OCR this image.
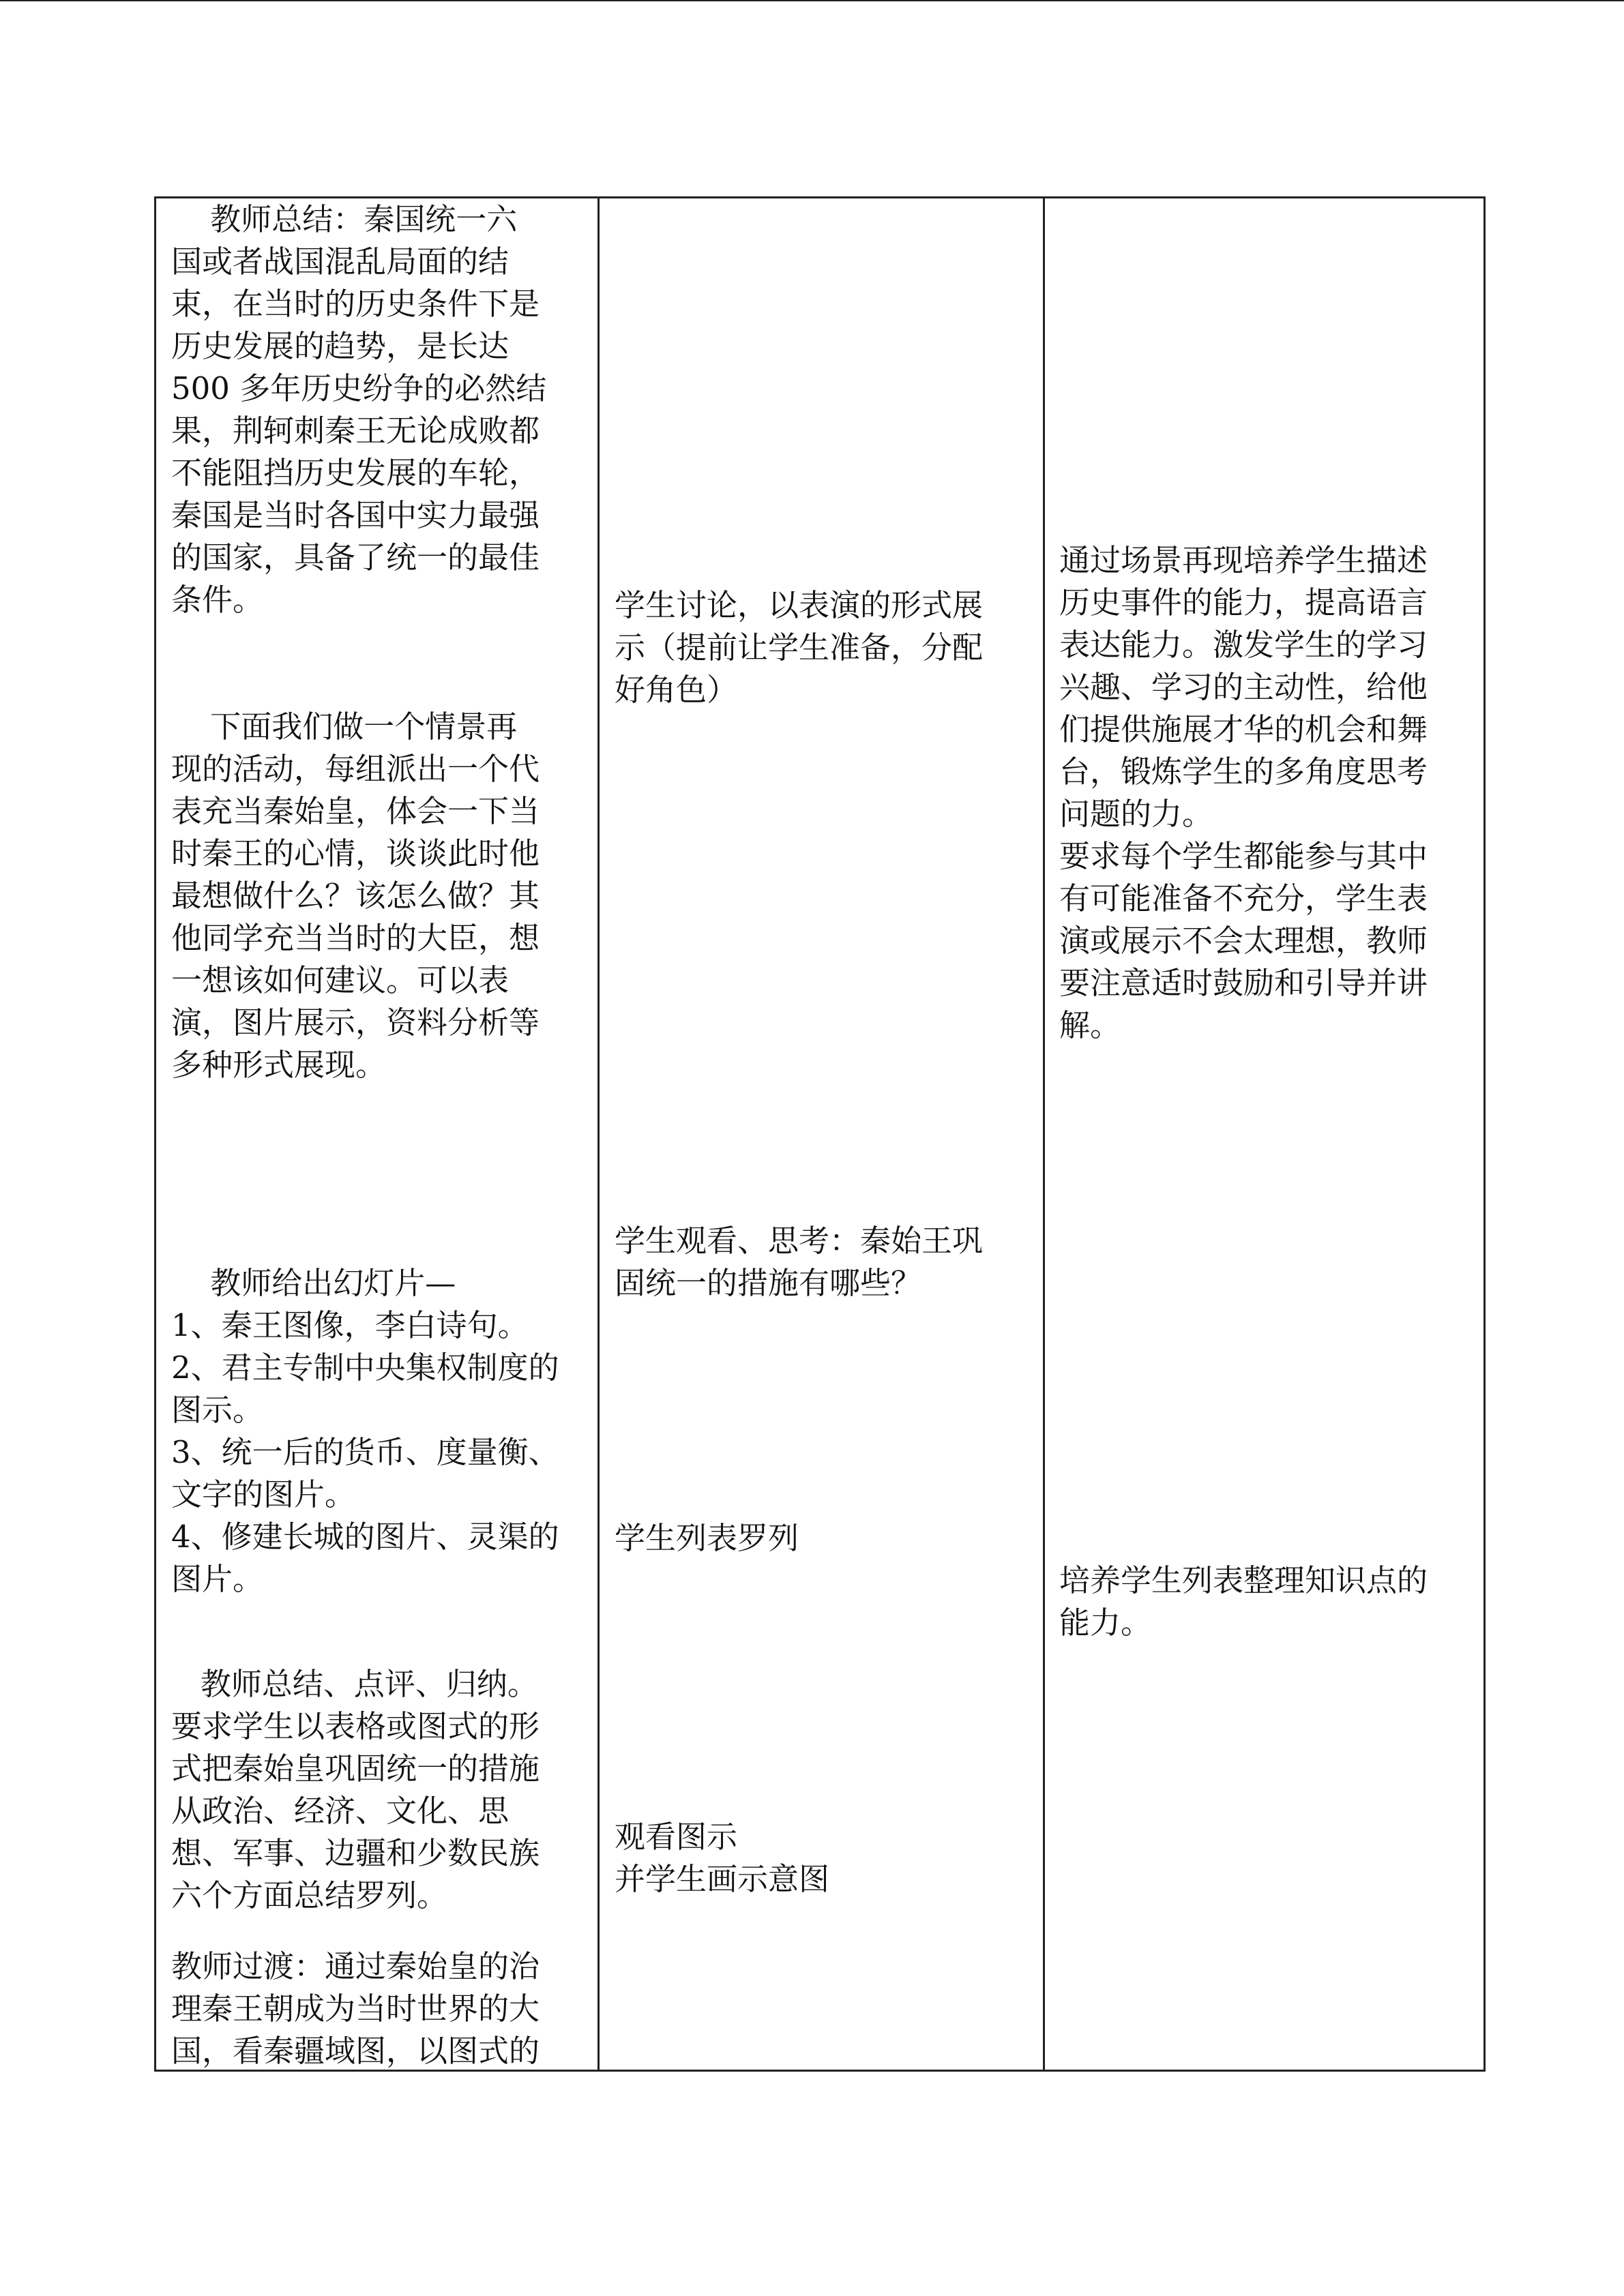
教师总结：秦国统一六
国或者战国混乱局面的结
束，在当时的历史条件下是
历史发展的趋势，是长达
500 多年历史纷争的必然结
果，荆轲刺秦王无论成败都
不能阻挡历史发展的车轮，
秦国是当时各国中实力最强
的国家，具备了统一的最佳
条件。

下面我们做一个情景再
现的活动，每组派出一个代
表充当秦始皇，体会一下当
时秦王的心情，谈谈此时他
最想做什么？该怎么做？其
他同学充当当时的大臣，想
一想该如何建议。可以表
演，图片展示，资料分析等
多种形式展现。

教师给出幻灯片—
1、秦王图像，李白诗句。
2、君主专制中央集权制度的
图示。
3、统一后的货币、度量衡、
文字的图片。
4、修建长城的图片、灵渠的
图片。

教师总结、点评、归纳。
要求学生以表格或图式的形
式把秦始皇巩固统一的措施
从政治、经济、文化、思
想、军事、边疆和少数民族
六个方面总结罗列。

教师过渡：通过秦始皇的治
理秦王朝成为当时世界的大
国，看秦疆域图，以图式的

学生讨论，以表演的形式展
示（提前让学生准备，分配
好角色）

学生观看、思考：秦始王巩
固统一的措施有哪些？

学生列表罗列

观看图示
并学生画示意图

通过场景再现培养学生描述
历史事件的能力，提高语言
表达能力。激发学生的学习
兴趣、学习的主动性，给他
们提供施展才华的机会和舞
台，锻炼学生的多角度思考
问题的力。
要求每个学生都能参与其中
有可能准备不充分，学生表
演或展示不会太理想，教师
要注意适时鼓励和引导并讲
解。

培养学生列表整理知识点的
能力。
